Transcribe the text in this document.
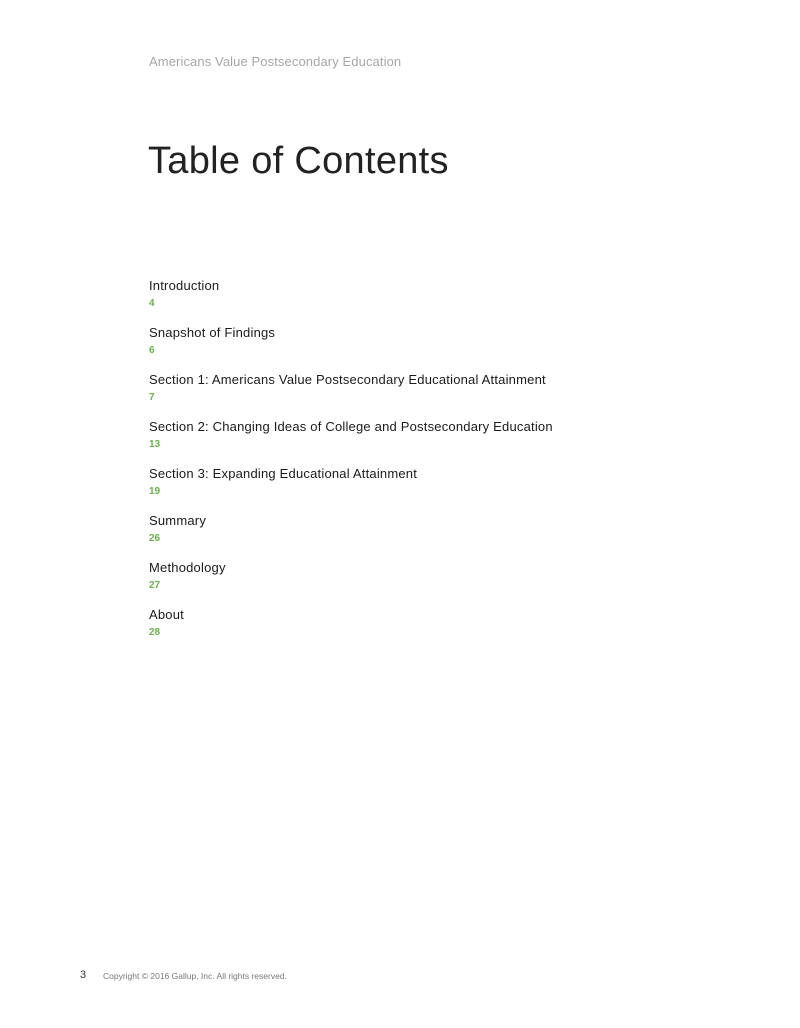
Americans Value Postsecondary Education
Table of Contents
Introduction
4
Snapshot of Findings
6
Section 1: Americans Value Postsecondary Educational Attainment
7
Section 2: Changing Ideas of College and Postsecondary Education
13
Section 3: Expanding Educational Attainment
19
Summary
26
Methodology
27
About
28
3 Copyright © 2016 Gallup, Inc. All rights reserved.
